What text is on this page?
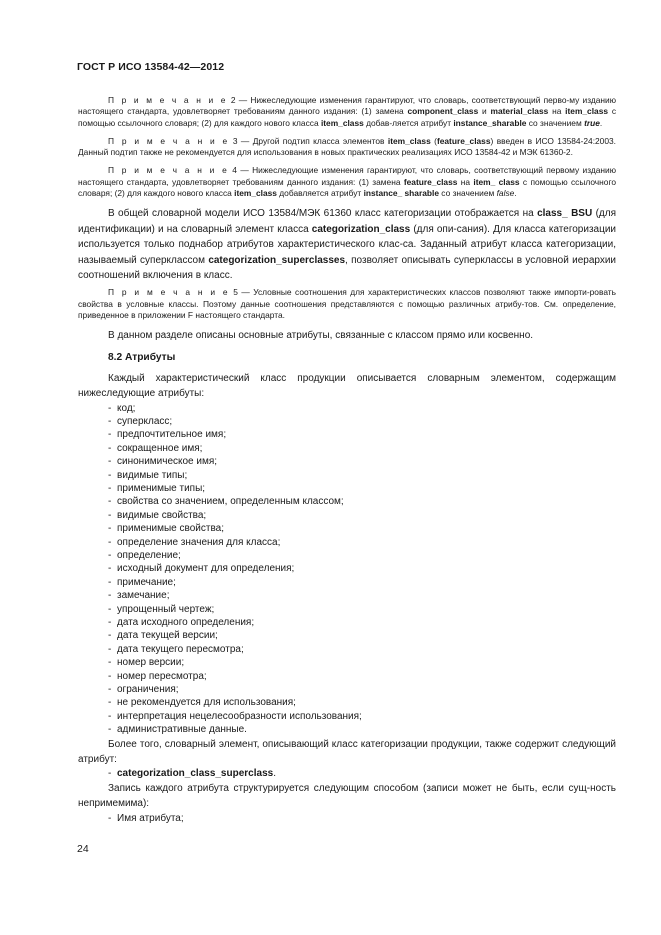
ГОСТ Р ИСО 13584-42—2012

П р и м е ч а н и е 2 — Нижеследующие изменения гарантируют, что словарь, соответствующий перво-му изданию настоящего стандарта, удовлетворяет требованиям данного издания: (1) замена component_class и material_class на item_class с помощью ссылочного словаря; (2) для каждого нового класса item_class добав-ляется атрибут instance_sharable со значением true.

П р и м е ч а н и е 3 — Другой подтип класса элементов item_class (feature_class) введен в ИСО 13584-24:2003. Данный подтип также не рекомендуется для использования в новых практических реализациях ИСО 13584-42 и МЭК 61360-2.

П р и м е ч а н и е 4 — Нижеследующие изменения гарантируют, что словарь, соответствующий первому изданию настоящего стандарта, удовлетворяет требованиям данного издания: (1) замена feature_class на item_ class с помощью ссылочного словаря; (2) для каждого нового класса item_class добавляется атрибут instance_ sharable со значением false.

В общей словарной модели ИСО 13584/МЭК 61360 класс категоризации отображается на class_ BSU (для идентификации) и на словарный элемент класса categorization_class (для опи-сания). Для класса категоризации используется только поднабор атрибутов характеристического клас-са. Заданный атрибут класса категоризации, называемый суперклассом categorization_superclasses, позволяет описывать суперклассы в условной иерархии соотношений включения в класс.

П р и м е ч а н и е 5 — Условные соотношения для характеристических классов позволяют также импорти-ровать свойства в условные классы. Поэтому данные соотношения представляются с помощью различных атрибу-тов. См. определение, приведенное в приложении F настоящего стандарта.

В данном разделе описаны основные атрибуты, связанные с классом прямо или косвенно.

8.2 Атрибуты

Каждый характеристический класс продукции описывается словарным элементом, содержащим нижеследующие атрибуты:

- код;
- суперкласс;
- предпочтительное имя;
- сокращенное имя;
- синонимическое имя;
- видимые типы;
- применимые типы;
- свойства со значением, определенным классом;
- видимые свойства;
- применимые свойства;
- определение значения для класса;
- определение;
- исходный документ для определения;
- примечание;
- замечание;
- упрощенный чертеж;
- дата исходного определения;
- дата текущей версии;
- дата текущего пересмотра;
- номер версии;
- номер пересмотра;
- ограничения;
- не рекомендуется для использования;
- интерпретация нецелесообразности использования;
- административные данные.

Более того, словарный элемент, описывающий класс категоризации продукции, также содержит следующий атрибут:

- categorization_class_superclass.

Запись каждого атрибута структурируется следующим способом (записи может не быть, если сущ-ность непримемима):

- Имя атрибута;
24
